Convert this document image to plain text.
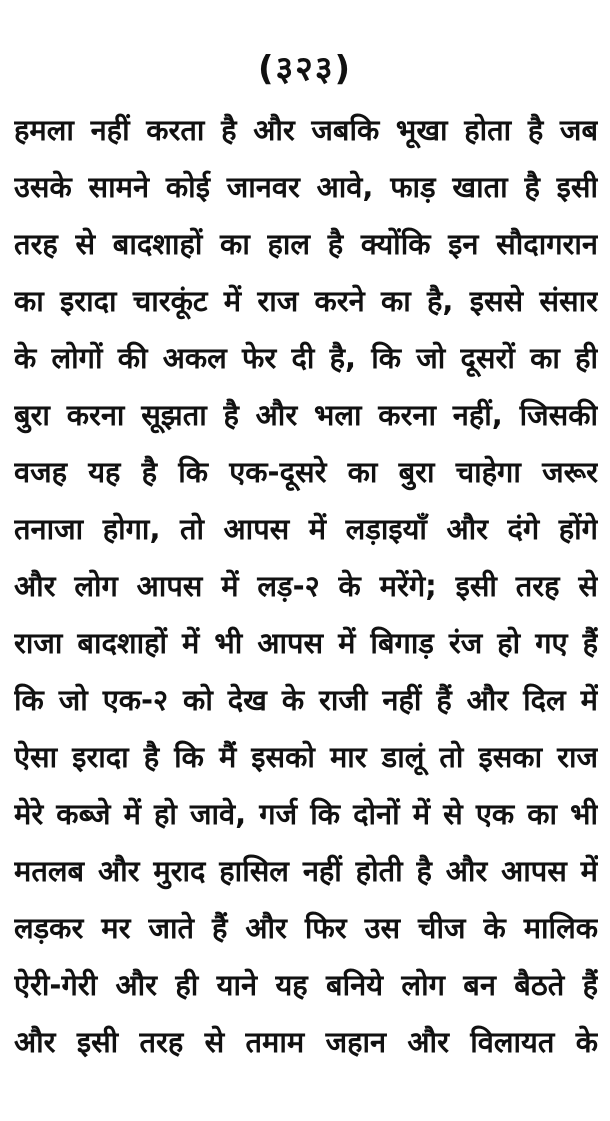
(३२३)
हमला नहीं करता है और जबकि भूखा होता है जब
उसके सामने कोई जानवर आवे, फाड़ खाता है इसी
तरह से बादशाहों का हाल है क्योंकि इन सौदागरान
का इरादा चारकूंट में राज करने का है, इससे संसार
के लोगों की अकल फेर दी है, कि जो दूसरों का ही
बुरा करना सूझता है और भला करना नहीं, जिसकी
वजह यह है कि एक-दूसरे का बुरा चाहेगा जरूर
तनाजा होगा, तो आपस में लड़ाइयाँ और दंगे होंगे
और लोग आपस में लड़-२ के मरेंगे; इसी तरह से
राजा बादशाहों में भी आपस में बिगाड़ रंज हो गए हैं
कि जो एक-२ को देख के राजी नहीं हैं और दिल में
ऐसा इरादा है कि मैं इसको मार डालूं तो इसका राज
मेरे कब्जे में हो जावे, गर्ज कि दोनों में से एक का भी
मतलब और मुराद हासिल नहीं होती है और आपस में
लड़कर मर जाते हैं और फिर उस चीज के मालिक
ऐरी-गेरी और ही याने यह बनिये लोग बन बैठते हैं
और इसी तरह से तमाम जहान और विलायत के
